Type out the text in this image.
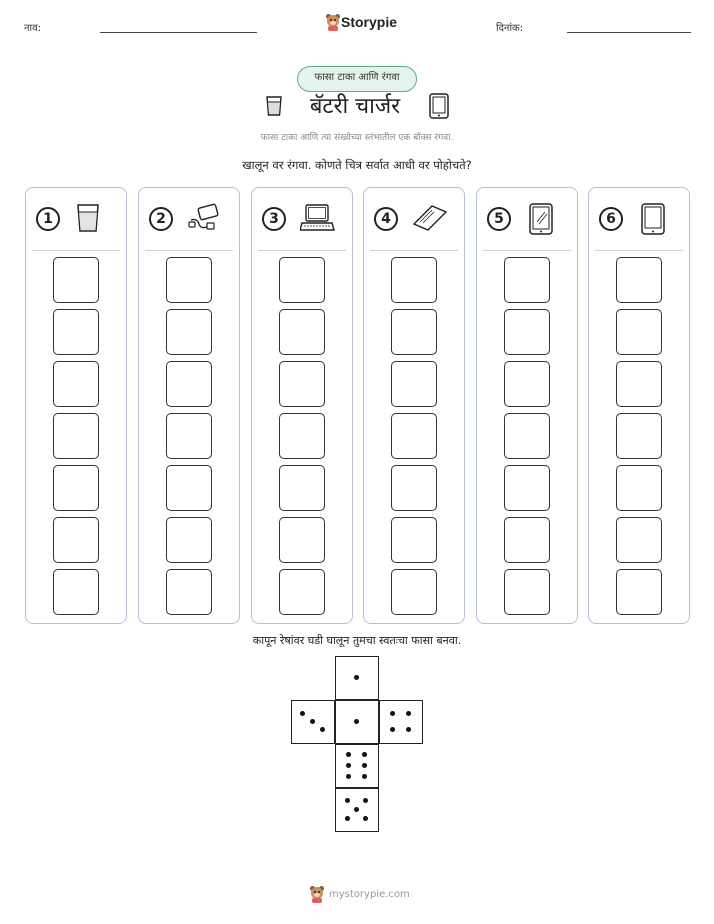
नाव:	Storypie	दिनांक:
फासा टाका आणि रंगवा
बॅटरी चार्जर
फासा टाका आणि त्या संख्येच्या स्तंभातील एक बॉक्स रंगवा.
खालून वर रंगवा. कोणते चित्र सर्वात आधी वर पोहोचते?
1	2	3	4	5	6
कापून रेषांवर घडी घालून तुमचा स्वतःचा फासा बनवा.
mystorypie.com
